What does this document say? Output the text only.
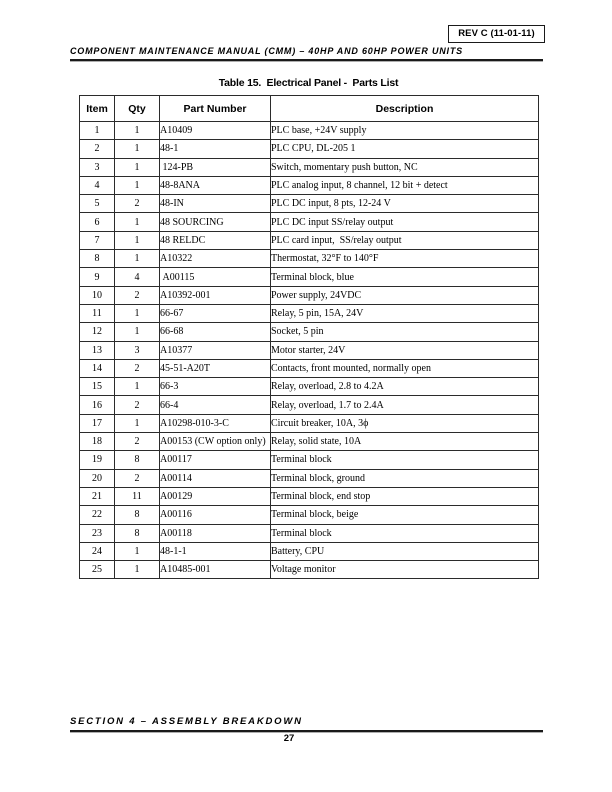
REV C (11-01-11)
COMPONENT MAINTENANCE MANUAL (CMM) – 40HP AND 60HP POWER UNITS
Table 15.  Electrical Panel -  Parts List
Item	Qty	Part Number	Description
1	1	A10409	PLC base, +24V supply
2	1	48-1	PLC CPU, DL-205 1
3	1	124-PB	Switch, momentary push button, NC
4	1	48-8ANA	PLC analog input, 8 channel, 12 bit + detect
5	2	48-IN	PLC DC input, 8 pts, 12-24 V
6	1	48 SOURCING	PLC DC input SS/relay output
7	1	48 RELDC	PLC card input,  SS/relay output
8	1	A10322	Thermostat, 32°F to 140°F
9	4	A00115	Terminal block, blue
10	2	A10392-001	Power supply, 24VDC
11	1	66-67	Relay, 5 pin, 15A, 24V
12	1	66-68	Socket, 5 pin
13	3	A10377	Motor starter, 24V
14	2	45-51-A20T	Contacts, front mounted, normally open
15	1	66-3	Relay, overload, 2.8 to 4.2A
16	2	66-4	Relay, overload, 1.7 to 2.4A
17	1	A10298-010-3-C	Circuit breaker, 10A, 3ϕ
18	2	A00153 (CW option only)	Relay, solid state, 10A
19	8	A00117	Terminal block
20	2	A00114	Terminal block, ground
21	11	A00129	Terminal block, end stop
22	8	A00116	Terminal block, beige
23	8	A00118	Terminal block
24	1	48-1-1	Battery, CPU
25	1	A10485-001	Voltage monitor
SECTION 4 – ASSEMBLY BREAKDOWN
27
